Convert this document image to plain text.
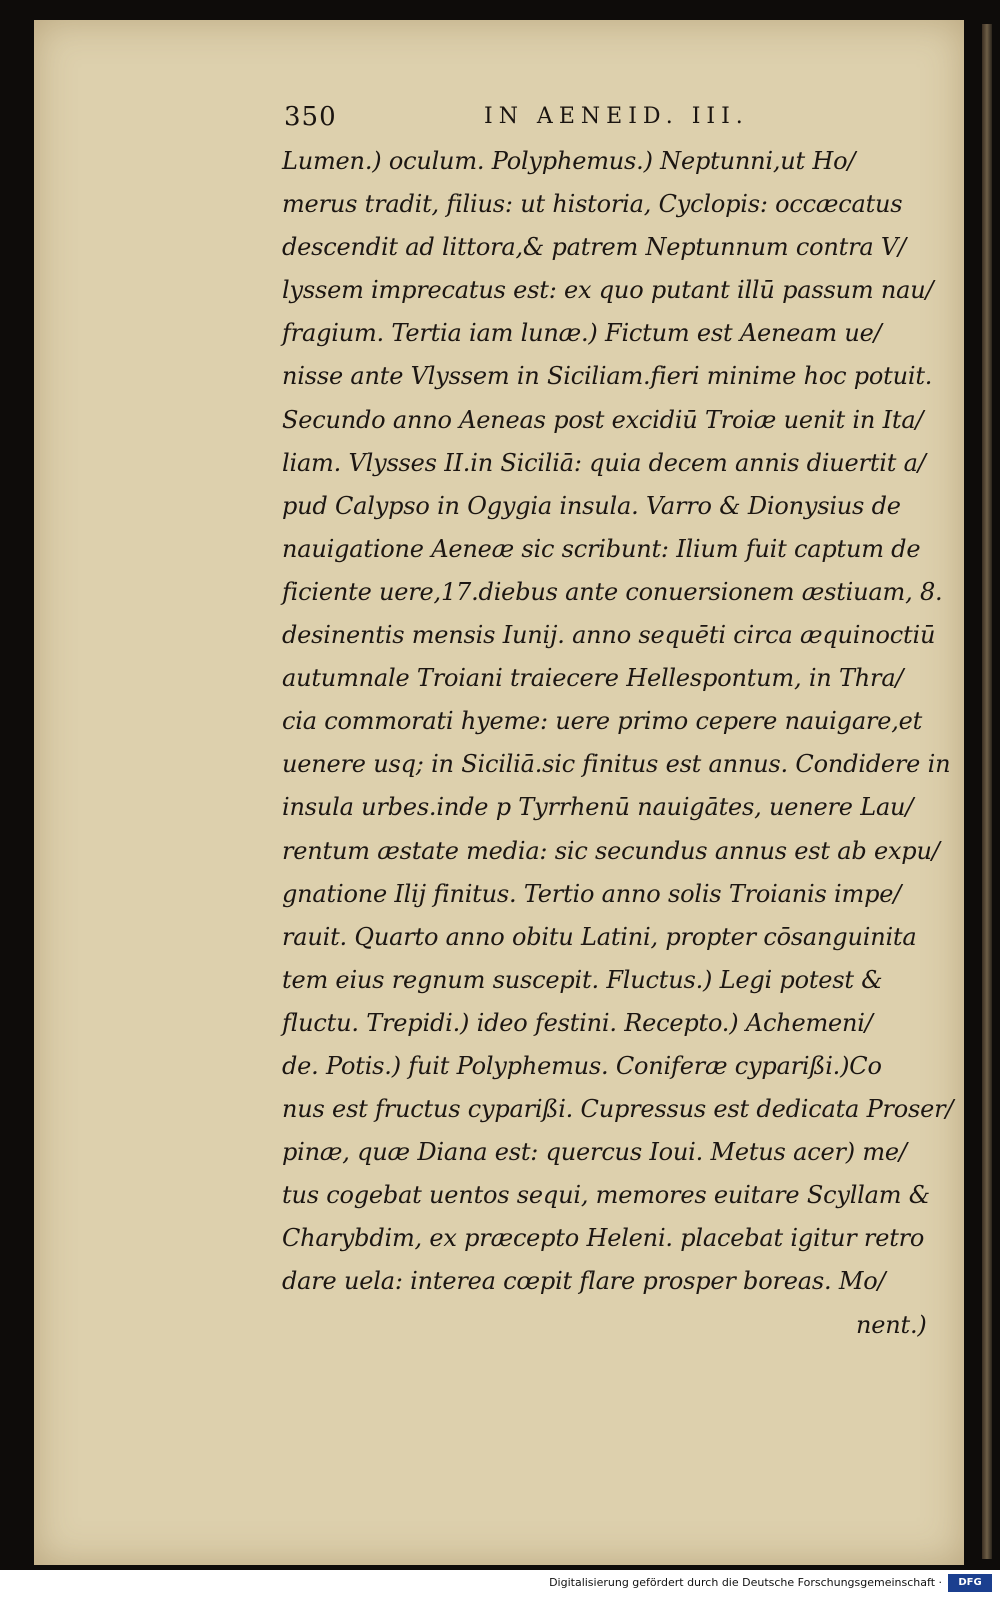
350	IN AENEID. III.
Lumen.) oculum. Polyphemus.) Neptunni,ut Ho/
merus tradit, filius: ut historia, Cyclopis: occæcatus
descendit ad littora,& patrem Neptunnum contra V/
lyssem imprecatus est: ex quo putant illū passum nau/
fragium. Tertia iam lunæ.) Fictum est Aeneam ue/
nisse ante Vlyssem in Siciliam.fieri minime hoc potuit.
Secundo anno Aeneas post excidiū Troiæ uenit in Ita/
liam. Vlysses II.in Siciliā: quia decem annis diuertit a/
pud Calypso in Ogygia insula. Varro & Dionysius de
nauigatione Aeneæ sic scribunt: Ilium fuit captum de
ficiente uere,17.diebus ante conuersionem æstiuam, 8.
desinentis mensis Iunij. anno sequēti circa æquinoctiū
autumnale Troiani traiecere Hellespontum, in Thra/
cia commorati hyeme: uere primo cepere nauigare,et
uenere usq; in Siciliā.sic finitus est annus. Condidere in
insula urbes.inde p Tyrrhenū nauigātes, uenere Lau/
rentum æstate media: sic secundus annus est ab expu/
gnatione Ilij finitus. Tertio anno solis Troianis impe/
rauit. Quarto anno obitu Latini, propter cōsanguinita
tem eius regnum suscepit. Fluctus.) Legi potest &
fluctu. Trepidi.) ideo festini. Recepto.) Achemeni/
de. Potis.) fuit Polyphemus. Coniferæ cyparißi.)Co
nus est fructus cyparißi. Cupressus est dedicata Proser/
pinæ, quæ Diana est: quercus Ioui. Metus acer) me/
tus cogebat uentos sequi, memores euitare Scyllam &
Charybdim, ex præcepto Heleni. placebat igitur retro
dare uela: interea cœpit flare prosper boreas. Mo/
nent.)
Digitalisierung gefördert durch die Deutsche Forschungsgemeinschaft ·	DFG
